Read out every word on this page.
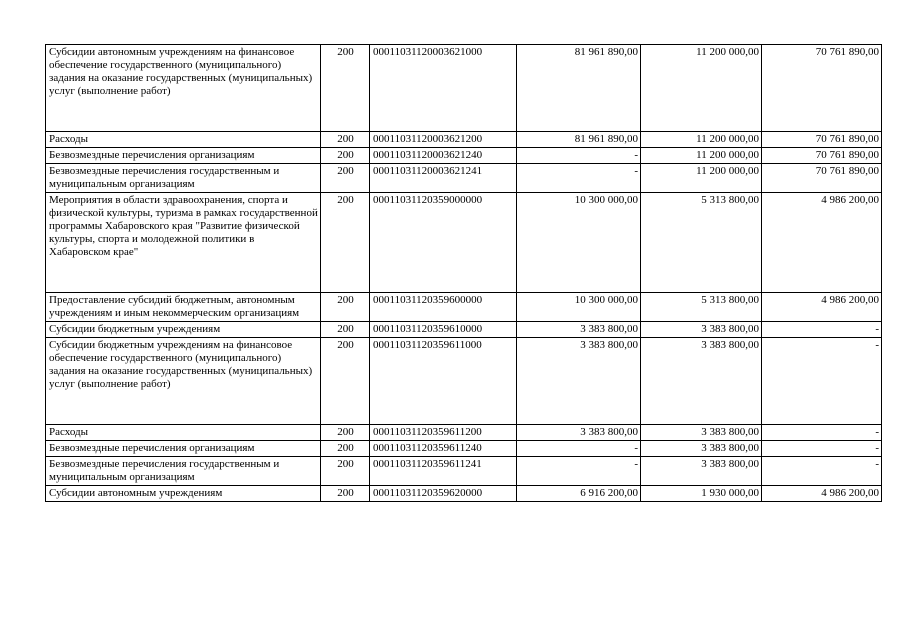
Субсидии автономным учреждениям на финансовое обеспечение государственного (муниципального) задания на оказание государственных (муниципальных) услуг (выполнение работ)	200	00011031120003621000	81 961 890,00	11 200 000,00	70 761 890,00
Расходы	200	00011031120003621200	81 961 890,00	11 200 000,00	70 761 890,00
Безвозмездные перечисления организациям	200	00011031120003621240	-	11 200 000,00	70 761 890,00
Безвозмездные перечисления государственным и муниципальным организациям	200	00011031120003621241	-	11 200 000,00	70 761 890,00
Мероприятия в области здравоохранения, спорта и физической культуры, туризма в рамках государственной программы Хабаровского края "Развитие физической культуры, спорта и молодежной политики в Хабаровском крае"	200	00011031120359000000	10 300 000,00	5 313 800,00	4 986 200,00
Предоставление субсидий бюджетным, автономным учреждениям и иным некоммерческим организациям	200	00011031120359600000	10 300 000,00	5 313 800,00	4 986 200,00
Субсидии бюджетным учреждениям	200	00011031120359610000	3 383 800,00	3 383 800,00	-
Субсидии бюджетным учреждениям на финансовое обеспечение государственного (муниципального) задания на оказание государственных (муниципальных) услуг (выполнение работ)	200	00011031120359611000	3 383 800,00	3 383 800,00	-
Расходы	200	00011031120359611200	3 383 800,00	3 383 800,00	-
Безвозмездные перечисления организациям	200	00011031120359611240	-	3 383 800,00	-
Безвозмездные перечисления государственным и муниципальным организациям	200	00011031120359611241	-	3 383 800,00	-
Субсидии автономным учреждениям	200	00011031120359620000	6 916 200,00	1 930 000,00	4 986 200,00
